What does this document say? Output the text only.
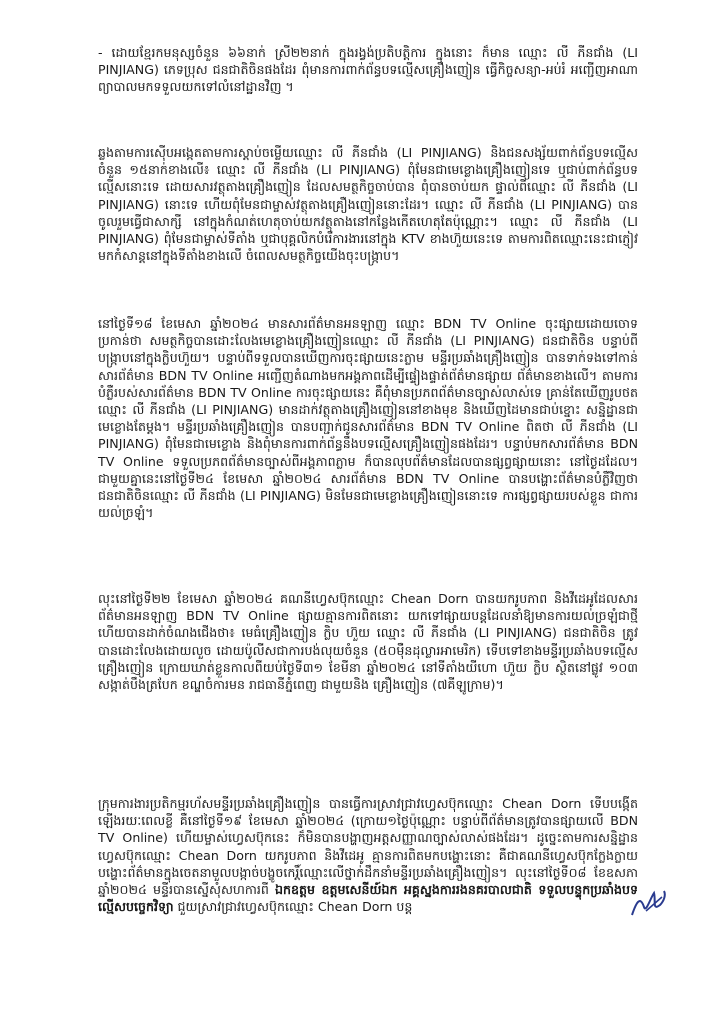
- ដោយខ្មែរកមនុស្សចំនួន ៦៦នាក់ ស្រី២២នាក់ ក្នុងរង្វង់ប្រតិបត្តិការ ក្នុងនោះ ក៏មាន ឈ្មោះ លី ភីនជាំង (LI PINJIANG) ភេទប្រុស ជនជាតិចិនផងដែរ ពុំមានការពាក់ព័ន្ធបទល្មើសគ្រឿងញៀន ធ្វើកិច្ចសន្យា-អប់រំ អញ្ជើញអាណាព្យាបាលមកទទួលយកទៅលំនៅដ្ឋានវិញ ។

ឆ្លងតាមការស៊ើបអង្កេតតាមការស្តាប់ចម្លើយឈ្មោះ លី ភីនជាំង (LI PINJIANG) និងជនសង្ស័យពាក់ព័ន្ធបទល្មើសចំនួន ១៥នាក់ខាងលើ៖ ឈ្មោះ លី ភីនជាំង (LI PINJIANG) ពុំមែនជាមេខ្លោងគ្រឿងញៀនទេ ឬជាប់ពាក់ព័ន្ធបទល្មើសនោះទេ ដោយសារវត្ថុតាងគ្រឿងញៀន ដែលសមត្ថកិច្ចចាប់បាន ពុំបានចាប់យក ផ្ទាល់ពីឈ្មោះ លី ភីនជាំង (LI PINJIANG) នោះទេ ហើយពុំមែនជាម្ចាស់វត្ថុតាងគ្រឿងញៀននោះដែរ។ ឈ្មោះ លី ភីនជាំង (LI PINJIANG) បានចូលរួមធ្វើជាសាក្សី នៅក្នុងកំណត់ហេតុចាប់យកវត្ថុតាងនៅកន្លែងកើតហេតុតែប៉ុណ្ណោះ។ ឈ្មោះ លី ភីនជាំង (LI PINJIANG) ពុំមែនជាម្ចាស់ទីតាំង ឬជាបុគ្គលិកបំរើការងារនៅក្នុង KTV ខាងហ៊ួយនេះទេ តាមការពិតឈ្មោះនេះជាភ្ញៀវ មកកំសាន្តនៅក្នុងទីតាំងខាងលើ ចំពេលសមត្ថកិច្ចយើងចុះបង្ក្រាប។

នៅថ្ងៃទី១៨ ខែមេសា ឆ្នាំ២០២៤ មានសារព័ត៌មានអនឡាញ ឈ្មោះ BDN TV Online ចុះផ្សាយដោយចោទប្រកាន់ថា សមត្ថកិច្ចបានដោះលែងមេខ្លោងគ្រឿងញៀនឈ្មោះ លី ភីនជាំង (LI PINJIANG) ជនជាតិចិន បន្ទាប់ពីបង្ក្រាបនៅក្នុងក្លិបហ៊ួយ។ បន្ទាប់ពីទទួលបានឃើញការចុះផ្សាយនេះភ្លាម មន្ទីរប្រឆាំងគ្រឿងញៀន បានទាក់ទងទៅកាន់សារព័ត៌មាន BDN TV Online អញ្ជើញតំណាងមកអង្គភាពដើម្បីផ្ទៀងផ្ទាត់ព័ត៌មានផ្សាយ ព័ត៌មានខាងលើ។ តាមការបំភ្លឺរបស់សារព័ត៌មាន BDN TV Online ការចុះផ្សាយនេះ គឺពុំមានប្រភពព័ត៌មានច្បាស់លាស់ទេ គ្រាន់តែឃើញរូបថតឈ្មោះ លី ភីនជាំង (LI PINJIANG) មានដាក់វត្ថុតាងគ្រឿងញៀននៅខាងមុខ និងឃើញដៃមានជាប់ខ្នោះ សន្និដ្ឋានជាមេខ្លោងតែម្តង។ មន្ទីរប្រឆាំងគ្រឿងញៀន បានបញ្ជាក់ជូនសារព័ត៌មាន BDN TV Online ពិតថា លី ភីនជាំង (LI PINJIANG) ពុំមែនជាមេខ្លោង និងពុំមានការពាក់ព័ន្ធនឹងបទល្មើសគ្រឿងញៀនផងដែរ។ បន្ទាប់មកសារព័ត៌មាន BDN TV Online ទទួលប្រភពព័ត៌មានច្បាស់ពីអង្គភាពភ្លាម ក៏បានលុបព័ត៌មានដែលបានផ្សព្វផ្សាយនោះ នៅថ្ងៃដដែល។ ជាមួយគ្នានេះនៅថ្ងៃទី២៤ ខែមេសា ឆ្នាំ២០២៤ សារព័ត៌មាន BDN TV Online បានបង្ហោះព័ត៌មានបំភ្លឺវិញថាជនជាតិចិនឈ្មោះ លី ភីនជាំង (LI PINJIANG) មិនមែនជាមេខ្លោងគ្រឿងញៀននោះទេ ការផ្សព្វផ្សាយរបស់ខ្លួន ជាការយល់ច្រឡំ។

លុះនៅថ្ងៃទី២២ ខែមេសា ឆ្នាំ២០២៤ គណនីហ្វេសប៊ុកឈ្មោះ Chean Dorn បានយករូបភាព និងវីដេអូដែលសារព័ត៌មានអនឡាញ BDN TV Online ផ្សាយគ្មានការពិតនោះ យកទៅផ្សាយបន្តដែលនាំឱ្យមានការយល់ច្រឡំជាថ្មី ហើយបានដាក់ចំណងជើងថា៖ មេធំគ្រឿងញៀន ក្លិប ហ៊ួយ ឈ្មោះ លី ភីនជាំង (LI PINJIANG) ជនជាតិចិន ត្រូវបានដោះលែងដោយលួច ដោយប៉ូលីសជាការបង់លុយចំនួន (៥០ម៉ឺនដុល្លារអាមេរិក) ទើបទៅខាងមន្ទីរប្រឆាំងបទល្មើសគ្រឿងញៀន ក្រោយឃាត់ខ្លួនកាលពីយប់ថ្ងៃទី៣១ ខែមីនា ឆ្នាំ២០២៤ នៅទីតាំងយីហោ ហ៊ួយ ក្លិប ស្ថិតនៅផ្លូវ ១០៣ សង្កាត់បឹងត្របែក ខណ្ឌចំការមន រាជធានីភ្នំពេញ ជាមួយនិង គ្រឿងញៀន (៧គីឡូក្រាម)។

ក្រុមការងារប្រតិកម្មរហ័សមន្ទីរប្រឆាំងគ្រឿងញៀន បានធ្វើការស្រាវជ្រាវហ្វេសប៊ុកឈ្មោះ Chean Dorn ទើបបង្កើតឡើងរយៈពេលខ្លី គឺនៅថ្ងៃទី១៩ ខែមេសា ឆ្នាំ២០២៤ (ក្រោយ១ថ្ងៃប៉ុណ្ណោះ បន្ទាប់ពីព័ត៌មានត្រូវបានផ្សាយលើ BDN TV Online) ហើយម្ចាស់ហ្វេសប៊ុកនេះ ក៏មិនបានបង្ហាញអត្តសញ្ញាណច្បាស់លាស់ផងដែរ។ ដូច្នេះតាមការសន្និដ្ឋានហ្វេសប៊ុកឈ្មោះ Chean Dorn យករូបភាព និងវីដេអូ គ្មានការពិតមកបង្ហោះនោះ គឺជាគណនីហ្វេសប៊ុកក្លែងក្លាយ បង្ហោះព័ត៌មានក្នុងចេតនាមួលបង្កាច់បង្ខូចកេរ្តិ៍ឈ្មោះលើថ្នាក់ដឹកនាំមន្ទីរប្រឆាំងគ្រឿងញៀន។ លុះនៅថ្ងៃទី០៨ ខែឧសភា ឆ្នាំ២០២៤ មន្ទីរបានស្នើសុំសហការពី ឯកឧត្តម ឧត្តមសេនីយ៍ឯក អគ្គស្នងការរងនគរបាលជាតិ ទទួលបន្ទុកប្រឆាំងបទល្មើសបច្ចេកវិទ្យា ជួយស្រាវជ្រាវហ្វេសប៊ុកឈ្មោះ Chean Dorn បន្ត
